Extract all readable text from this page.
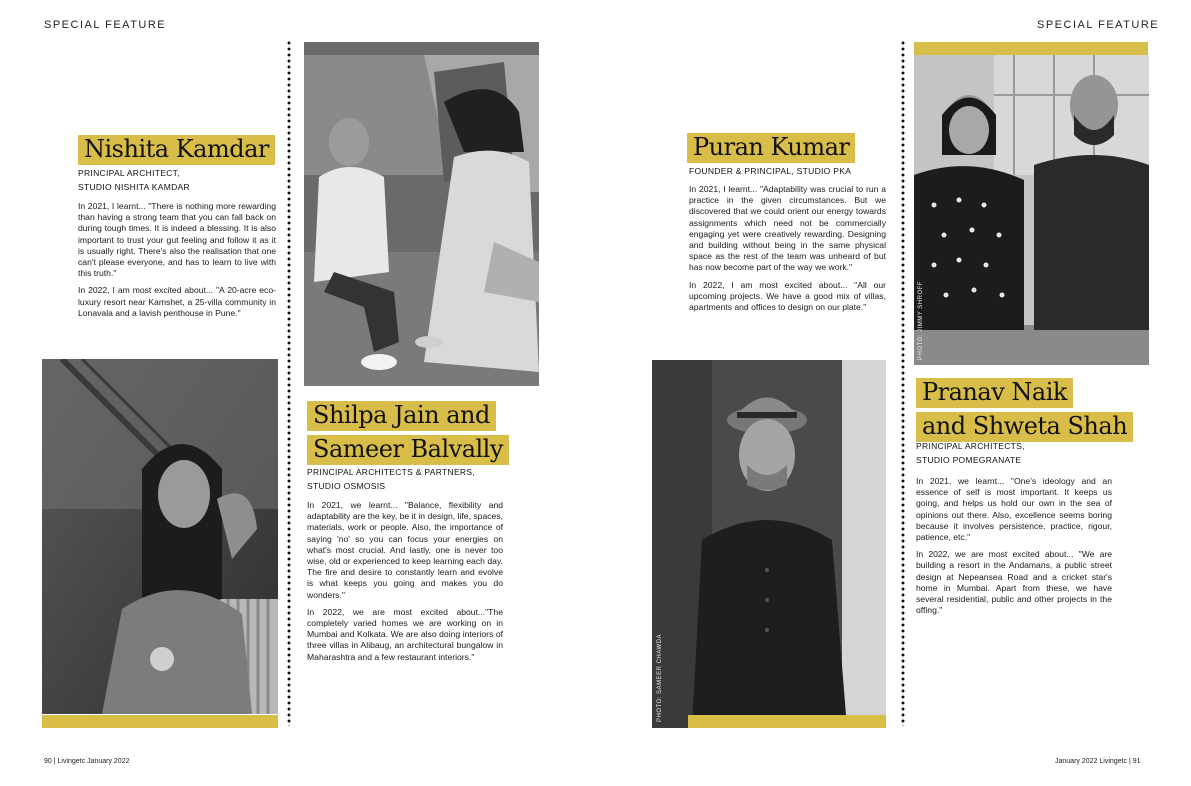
SPECIAL FEATURE	SPECIAL FEATURE
Nishita Kamdar
PRINCIPAL ARCHITECT,
STUDIO NISHITA KAMDAR

In 2021, I learnt... "There is nothing more rewarding than having a strong team that you can fall back on during tough times. It is indeed a blessing. It is also important to trust your gut feeling and follow it as it is usually right. There's also the realisation that one can't please everyone, and has to learn to live with this truth."

In 2022, I am most excited about... "A 20-acre eco-luxury resort near Kamshet, a 25-villa community in Lonavala and a lavish penthouse in Pune."

Shilpa Jain and
Sameer Balvally
PRINCIPAL ARCHITECTS & PARTNERS,
STUDIO OSMOSIS

In 2021, we learnt... "Balance, flexibility and adaptability are the key, be it in design, life, spaces, materials, work or people. Also, the importance of saying 'no' so you can focus your energies on what's most crucial. And lastly, one is never too wise, old or experienced to keep learning each day. The fire and desire to constantly learn and evolve is what keeps you going and makes you do wonders."

In 2022, we are most excited about..."The completely varied homes we are working on in Mumbai and Kolkata. We are also doing interiors of three villas in Alibaug, an architectural bungalow in Maharashtra and a few restaurant interiors."

90 | Livingetc January 2022
Puran Kumar
FOUNDER & PRINCIPAL, STUDIO PKA

In 2021, I learnt... "Adaptability was crucial to run a practice in the given circumstances. But we discovered that we could orient our energy towards assignments which need not be commercially engaging yet were creatively rewarding. Designing and building without being in the same physical space as the rest of the team was unheard of but has now become part of the way we work."

In 2022, I am most excited about... "All our upcoming projects. We have a good mix of villas, apartments and offices to design on our plate."

PHOTO: SAMEER CHAWDA
PHOTO: JIMMY SHROFF
Pranav Naik
and Shweta Shah
PRINCIPAL ARCHITECTS,
STUDIO POMEGRANATE

In 2021, we learnt... "One's ideology and an essence of self is most important. It keeps us going, and helps us hold our own in the sea of opinions out there. Also, excellence seems boring because it involves persistence, practice, rigour, patience, etc."

In 2022, we are most excited about... "We are building a resort in the Andamans, a public street design at Nepeansea Road and a cricket star's home in Mumbai. Apart from these, we have several residential, public and other projects in the offing."

January 2022 Livingetc | 91
